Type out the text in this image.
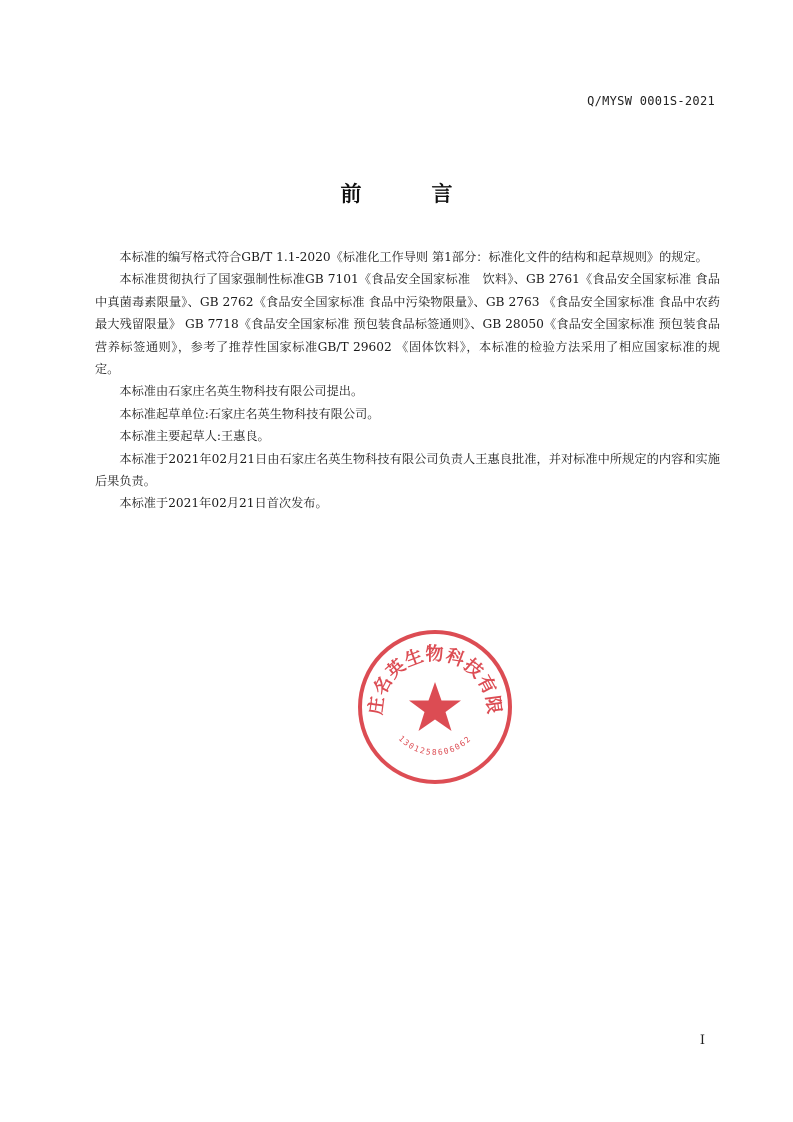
Q/MYSW 0001S-2021
前	言

本标准的编写格式符合GB/T 1.1-2020《标准化工作导则 第1部分：标准化文件的结构和起草规则》的规定。

本标准贯彻执行了国家强制性标准GB 7101《食品安全国家标准　饮料》、GB 2761《食品安全国家标准 食品中真菌毒素限量》、GB 2762《食品安全国家标准 食品中污染物限量》、GB 2763 《食品安全国家标准 食品中农药最大残留限量》 GB 7718《食品安全国家标准 预包装食品标签通则》、GB 28050《食品安全国家标准 预包装食品营养标签通则》，参考了推荐性国家标准GB/T 29602 《固体饮料》，本标准的检验方法采用了相应国家标准的规定。

本标准由石家庄名英生物科技有限公司提出。

本标准起草单位:石家庄名英生物科技有限公司。

本标准主要起草人:王惠良。

本标准于2021年02月21日由石家庄名英生物科技有限公司负责人王惠良批准，并对标准中所规定的内容和实施后果负责。

本标准于2021年02月21日首次发布。

庄名英生物科技有限
1301258606062
I
